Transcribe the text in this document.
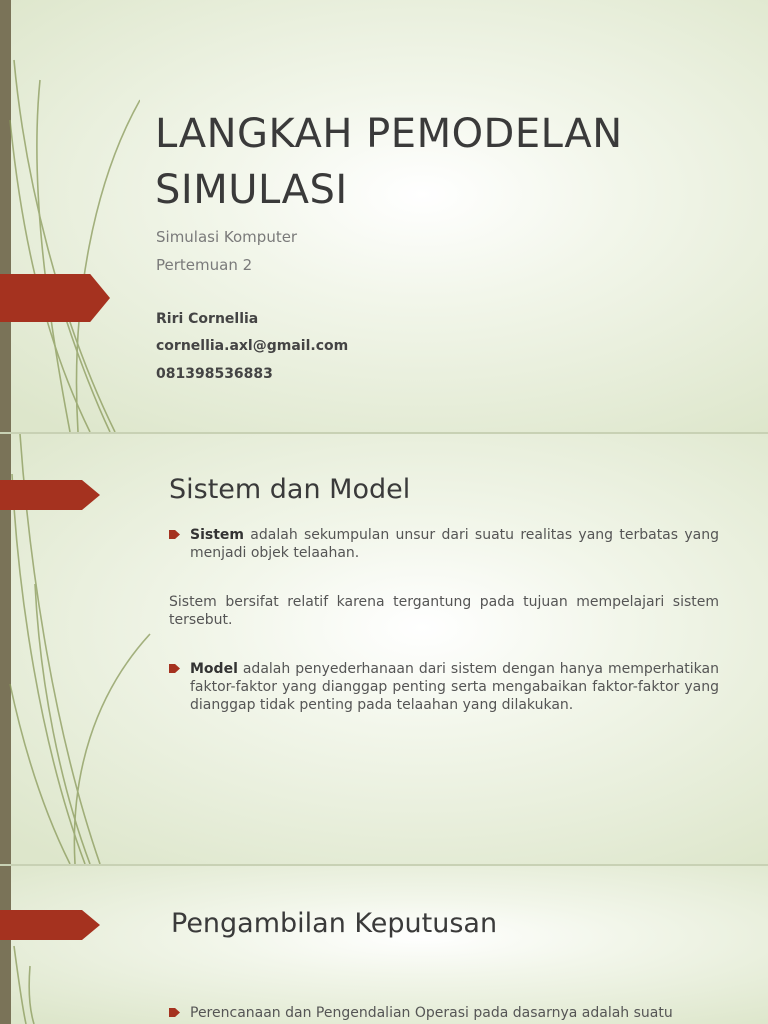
LANGKAH PEMODELAN SIMULASI

Simulasi Komputer

Pertemuan 2

Riri Cornellia

cornellia.axl@gmail.com

081398536883

Sistem dan Model

Sistem adalah sekumpulan unsur dari suatu realitas yang terbatas yang menjadi objek telaahan.

Sistem bersifat relatif karena tergantung pada tujuan mempelajari sistem tersebut.

Model adalah penyederhanaan dari sistem dengan hanya memperhatikan faktor-faktor yang dianggap penting serta mengabaikan faktor-faktor yang dianggap tidak penting pada telaahan yang dilakukan.

Pengambilan Keputusan

Perencanaan dan Pengendalian Operasi pada dasarnya adalah suatu
